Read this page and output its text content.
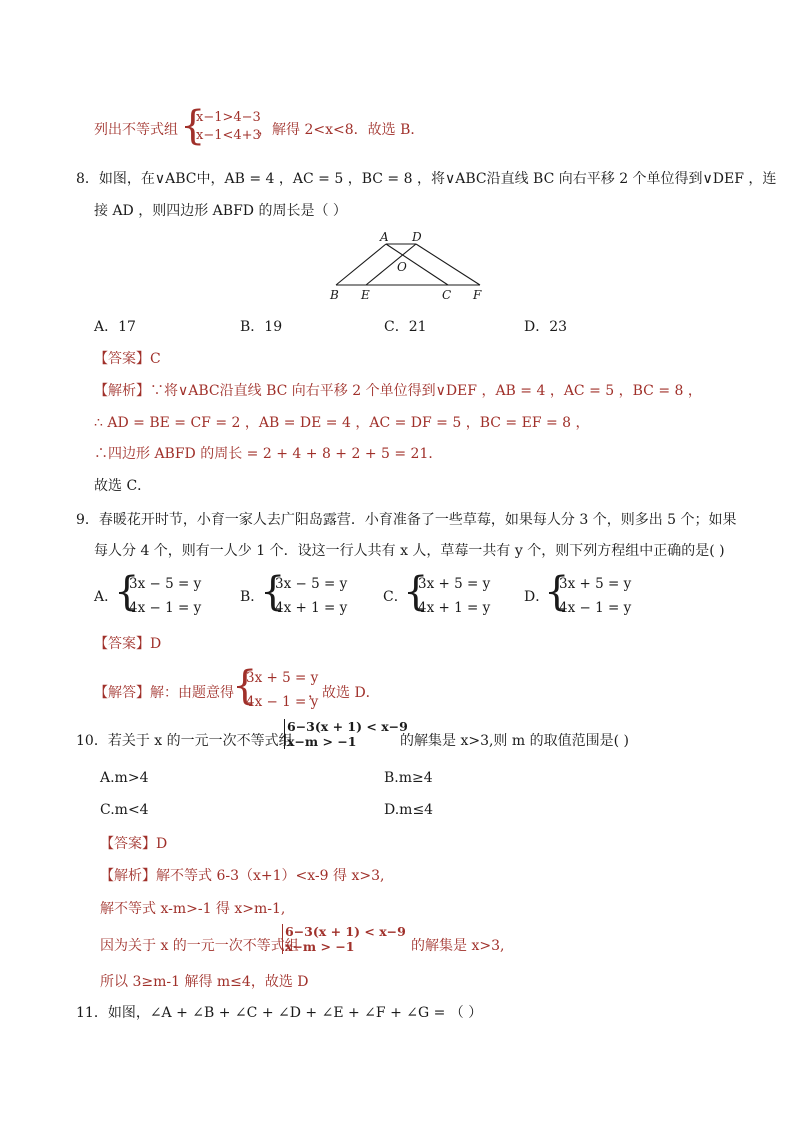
列出不等式组 {
x−1>4−3
x−1<4+3
，解得 2<x<8．故选 B．
8．如图，在∨ABC中，AB = 4 ，AC = 5 ，BC = 8 ，将∨ABC沿直线 BC 向右平移 2 个单位得到∨DEF ，连
接 AD ，则四边形 ABFD 的周长是（ ）
A D
O
B E	C F
A．17	B．19	C．21	D．23
【答案】C
【解析】∵将∨ABC沿直线 BC 向右平移 2 个单位得到∨DEF ，AB = 4 ，AC = 5 ，BC = 8 ，
∴ AD = BE = CF = 2 ，AB = DE = 4 ，AC = DF = 5 ，BC = EF = 8 ，
∴四边形 ABFD 的周长 = 2 + 4 + 8 + 2 + 5 = 21．
故选 C．
9．春暖花开时节，小育一家人去广阳岛露营．小育准备了一些草莓，如果每人分 3 个，则多出 5 个；如果
每人分 4 个，则有一人少 1 个．设这一行人共有 x 人，草莓一共有 y 个，则下列方程组中正确的是( )
A．
{
3x − 5 = y
4x − 1 = y
B．
{
3x − 5 = y
4x + 1 = y
C．
{
3x + 5 = y
4x + 1 = y
D．
{
3x + 5 = y
4x − 1 = y
【答案】D
【解答】解：由题意得
{
3x + 5 = y
4x − 1 = y
，故选 D．
10．若关于 x 的一元一次不等式组
6−3(x + 1) < x−9
x−m > −1	的解集是 x>3,则 m 的取值范围是( )
A.m>4	B.m≥4
C.m<4	D.m≤4
【答案】D
【解析】解不等式 6-3（x+1）<x-9 得 x>3,
解不等式 x-m>-1 得 x>m-1,
因为关于 x 的一元一次不等式组
6−3(x + 1) < x−9
x−m > −1	的解集是 x>3,
所以 3≥m-1 解得 m≤4，故选 D
11．如图，∠A + ∠B + ∠C + ∠D + ∠E + ∠F + ∠G = （ ）
